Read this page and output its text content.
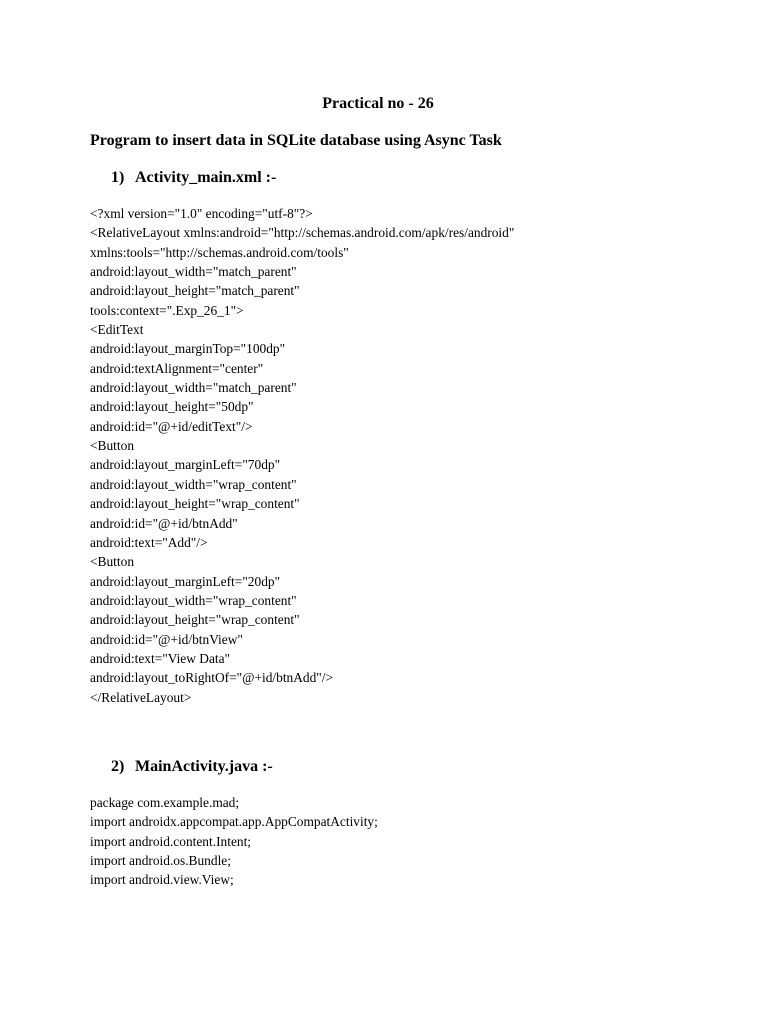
Practical no - 26
Program to insert data in SQLite database using Async Task
1) Activity_main.xml :-
<?xml version="1.0" encoding="utf-8"?>
<RelativeLayout xmlns:android="http://schemas.android.com/apk/res/android"
xmlns:tools="http://schemas.android.com/tools"
android:layout_width="match_parent"
android:layout_height="match_parent"
tools:context=".Exp_26_1">
<EditText
android:layout_marginTop="100dp"
android:textAlignment="center"
android:layout_width="match_parent"
android:layout_height="50dp"
android:id="@+id/editText"/>
<Button
android:layout_marginLeft="70dp"
android:layout_width="wrap_content"
android:layout_height="wrap_content"
android:id="@+id/btnAdd"
android:text="Add"/>
<Button
android:layout_marginLeft="20dp"
android:layout_width="wrap_content"
android:layout_height="wrap_content"
android:id="@+id/btnView"
android:text="View Data"
android:layout_toRightOf="@+id/btnAdd"/>
</RelativeLayout>
2) MainActivity.java :-
package com.example.mad;
import androidx.appcompat.app.AppCompatActivity;
import android.content.Intent;
import android.os.Bundle;
import android.view.View;
